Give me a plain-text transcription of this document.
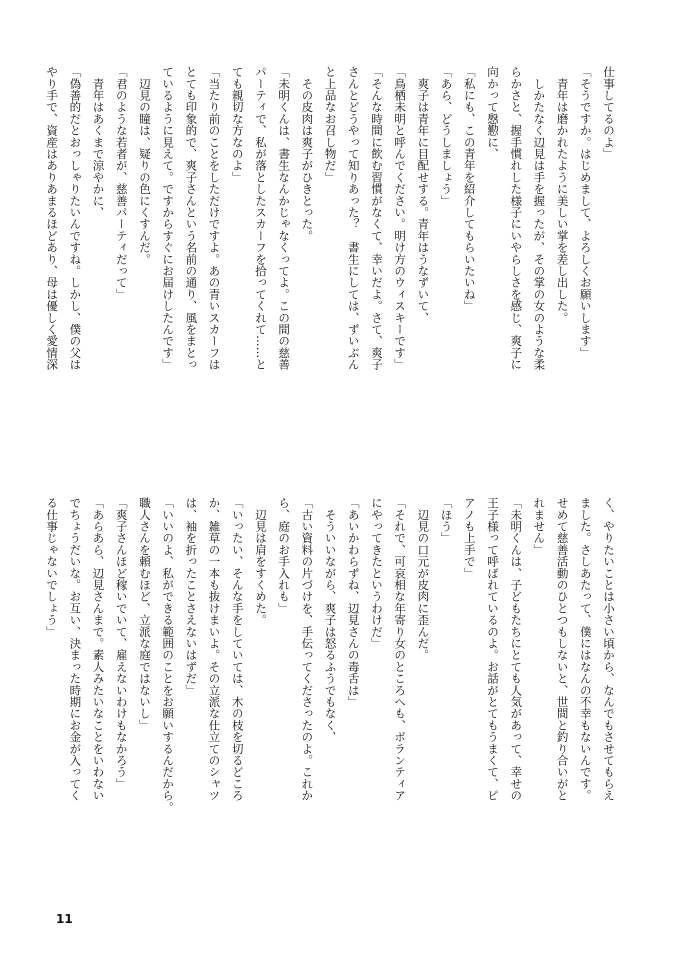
仕事してるのよ」
「そうですか。はじめまして、よろしくお願いします」
　青年は磨かれたように美しい掌を差し出した。
　しかたなく辺見は手を握ったが、その掌の女のような柔
らかさと、握手慣れした様子にいやらしさを感じ、爽子に
向かって慇懃に、
「私にも、この青年を紹介してもらいたいね」
「あら、どうしましょう」
　爽子は青年に目配せする。青年はうなずいて、
「鳥栖未明と呼んでください。明け方のウィスキーです」
「そんな時間に飲む習慣がなくて、幸いだよ。さて、爽子
さんとどうやって知りあった？　書生にしては、ずいぶん
と上品なお召し物だ」
　その皮肉は爽子がひきとった。
「未明くんは、書生なんかじゃなくってよ。この間の慈善
パーティで、私が落としたスカーフを拾ってくれて……と
ても親切な方なのよ」
「当たり前のことをしただけですよ。あの青いスカーフは
とても印象的で、爽子さんという名前の通り、風をまとっ
ているように見えて。ですからすぐにお届けしたんです」
　辺見の瞳は、疑りの色にくすんだ。
「君のような若者が、慈善パーティだって」
　青年はあくまで涼やかに、
「偽善的だとおっしゃりたいんですね。しかし、僕の父は
やり手で、資産はありあまるほどあり、母は優しく愛情深
く、やりたいことは小さい頃から、なんでもさせてもらえ
ました。さしあたって、僕にはなんの不幸もないんです。
せめて慈善活動のひとつもしないと、世間と釣り合いがと
れません」
「未明くんは、子どもたちにとても人気があって、幸せの
王子様って呼ばれているのよ。お話がとてもうまくて、ピ
アノも上手で」
「ほう」
　辺見の口元が皮肉に歪んだ。
「それで、可哀相な年寄り女のところへも、ボランティア
にやってきたというわけだ」
「あいかわらずね、辺見さんの毒舌は」
　そういいながら、爽子は怒るふうでもなく、
「古い資料の片づけを、手伝ってくださったのよ。これか
ら、庭のお手入れも」
　辺見は肩をすくめた。
「いったい、そんな手をしていては、木の枝を切るどころ
か、雑草の一本も抜けまいよ。その立派な仕立てのシャツ
は、袖を折ったことさえないはずだ」
「いいのよ、私ができる範囲のことをお願いするんだから。
職人さんを頼むほど、立派な庭ではないし」
「爽子さんほど稼いでいて、雇えないわけもなかろう」
「あらあら、辺見さんまで。素人みたいなことをいわない
でちょうだいな。お互い、決まった時期にお金が入ってく
る仕事じゃないでしょう」
11
